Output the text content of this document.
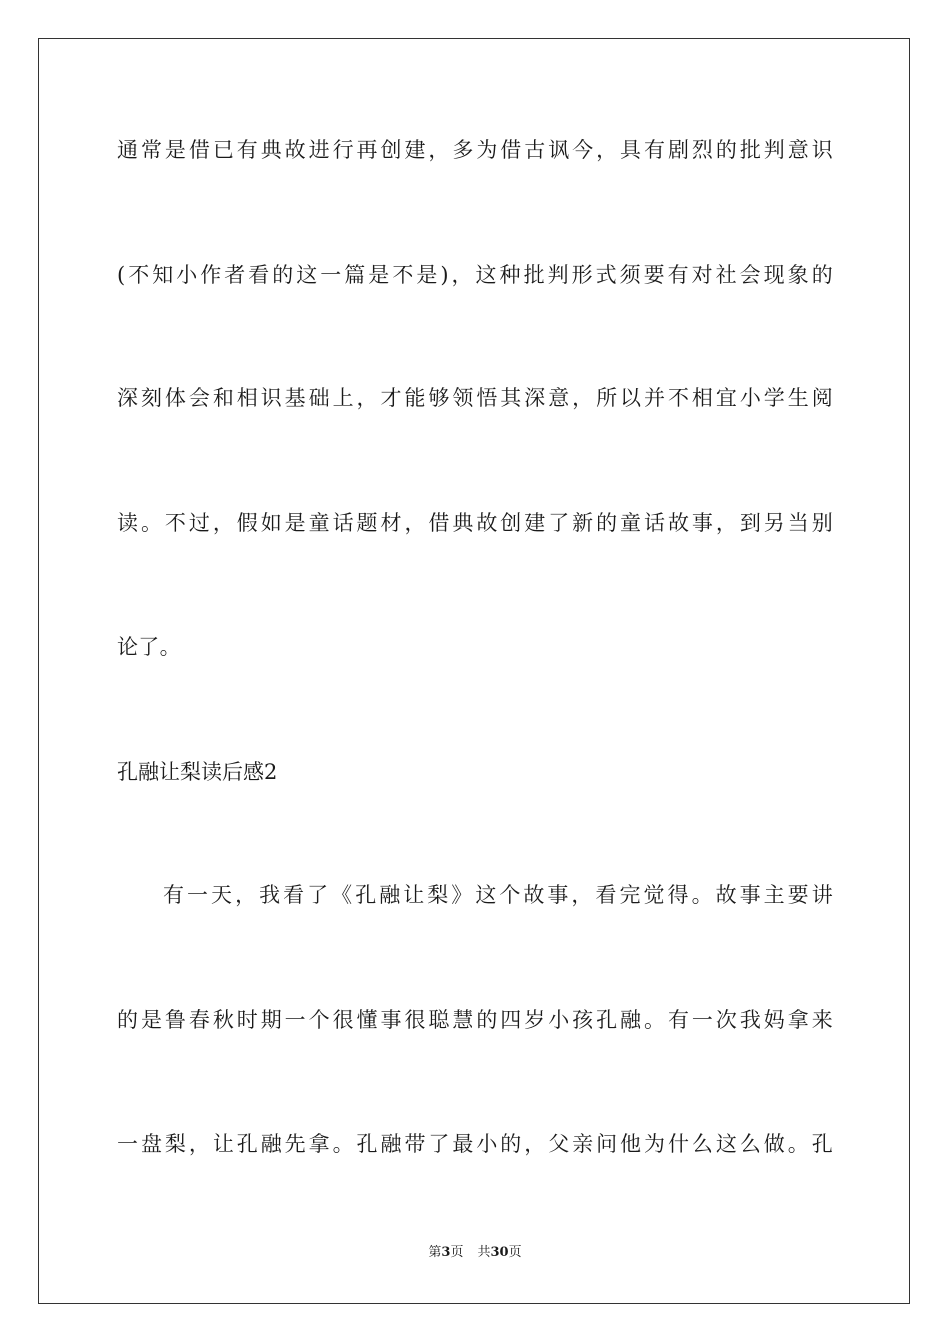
通常是借已有典故进行再创建，多为借古讽今，具有剧烈的批判意识
(不知小作者看的这一篇是不是)，这种批判形式须要有对社会现象的
深刻体会和相识基础上，才能够领悟其深意，所以并不相宜小学生阅
读。不过，假如是童话题材，借典故创建了新的童话故事，到另当别
论了。
孔融让梨读后感2
有一天，我看了《孔融让梨》这个故事，看完觉得。故事主要讲
的是鲁春秋时期一个很懂事很聪慧的四岁小孩孔融。有一次我妈拿来
一盘梨，让孔融先拿。孔融带了最小的，父亲问他为什么这么做。孔
第3页 共30页
